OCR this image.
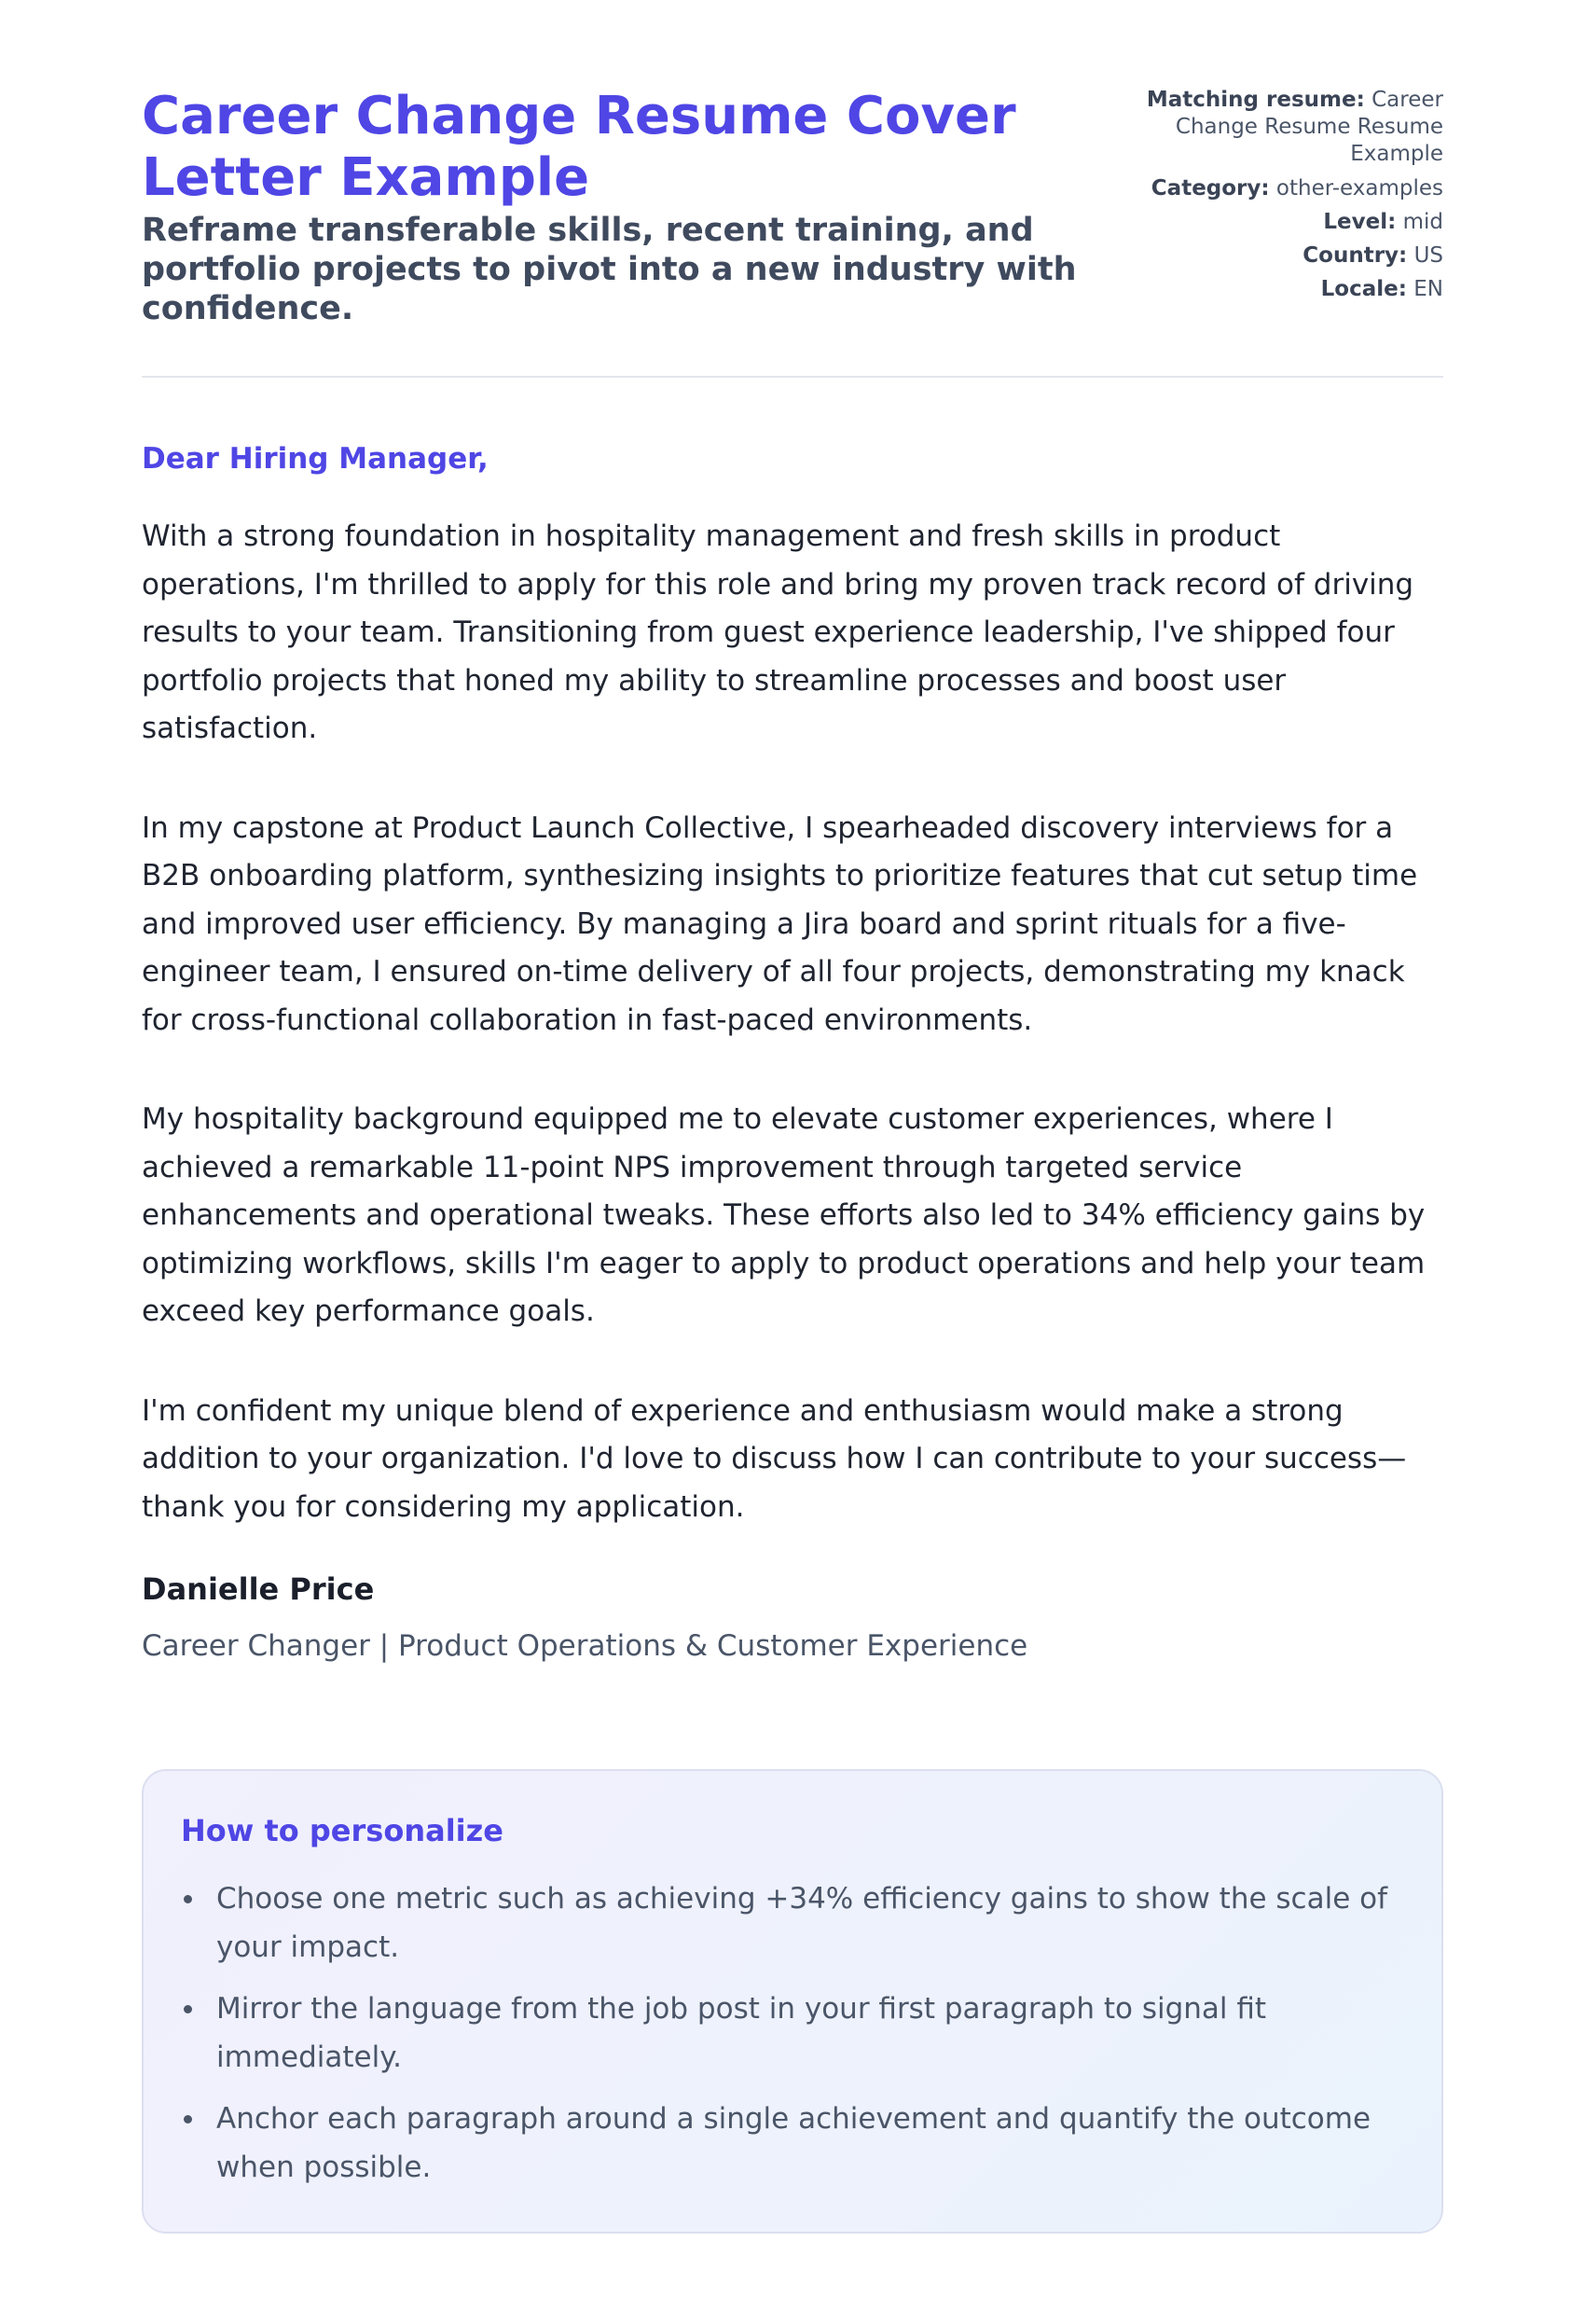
Career Change Resume Cover Letter Example

Reframe transferable skills, recent training, and portfolio projects to pivot into a new industry with confidence.

Matching resume: Career Change Resume Resume Example
Category: other-examples
Level: mid
Country: US
Locale: EN

Dear Hiring Manager,

With a strong foundation in hospitality management and fresh skills in product operations, I'm thrilled to apply for this role and bring my proven track record of driving results to your team. Transitioning from guest experience leadership, I've shipped four portfolio projects that honed my ability to streamline processes and boost user satisfaction.

In my capstone at Product Launch Collective, I spearheaded discovery interviews for a B2B onboarding platform, synthesizing insights to prioritize features that cut setup time and improved user efficiency. By managing a Jira board and sprint rituals for a five-engineer team, I ensured on-time delivery of all four projects, demonstrating my knack for cross-functional collaboration in fast-paced environments.

My hospitality background equipped me to elevate customer experiences, where I achieved a remarkable 11-point NPS improvement through targeted service enhancements and operational tweaks. These efforts also led to 34% efficiency gains by optimizing workflows, skills I'm eager to apply to product operations and help your team exceed key performance goals.

I'm confident my unique blend of experience and enthusiasm would make a strong addition to your organization. I'd love to discuss how I can contribute to your success—thank you for considering my application.

Danielle Price

Career Changer | Product Operations & Customer Experience

How to personalize
Choose one metric such as achieving +34% efficiency gains to show the scale of your impact.
Mirror the language from the job post in your first paragraph to signal fit immediately.
Anchor each paragraph around a single achievement and quantify the outcome when possible.
